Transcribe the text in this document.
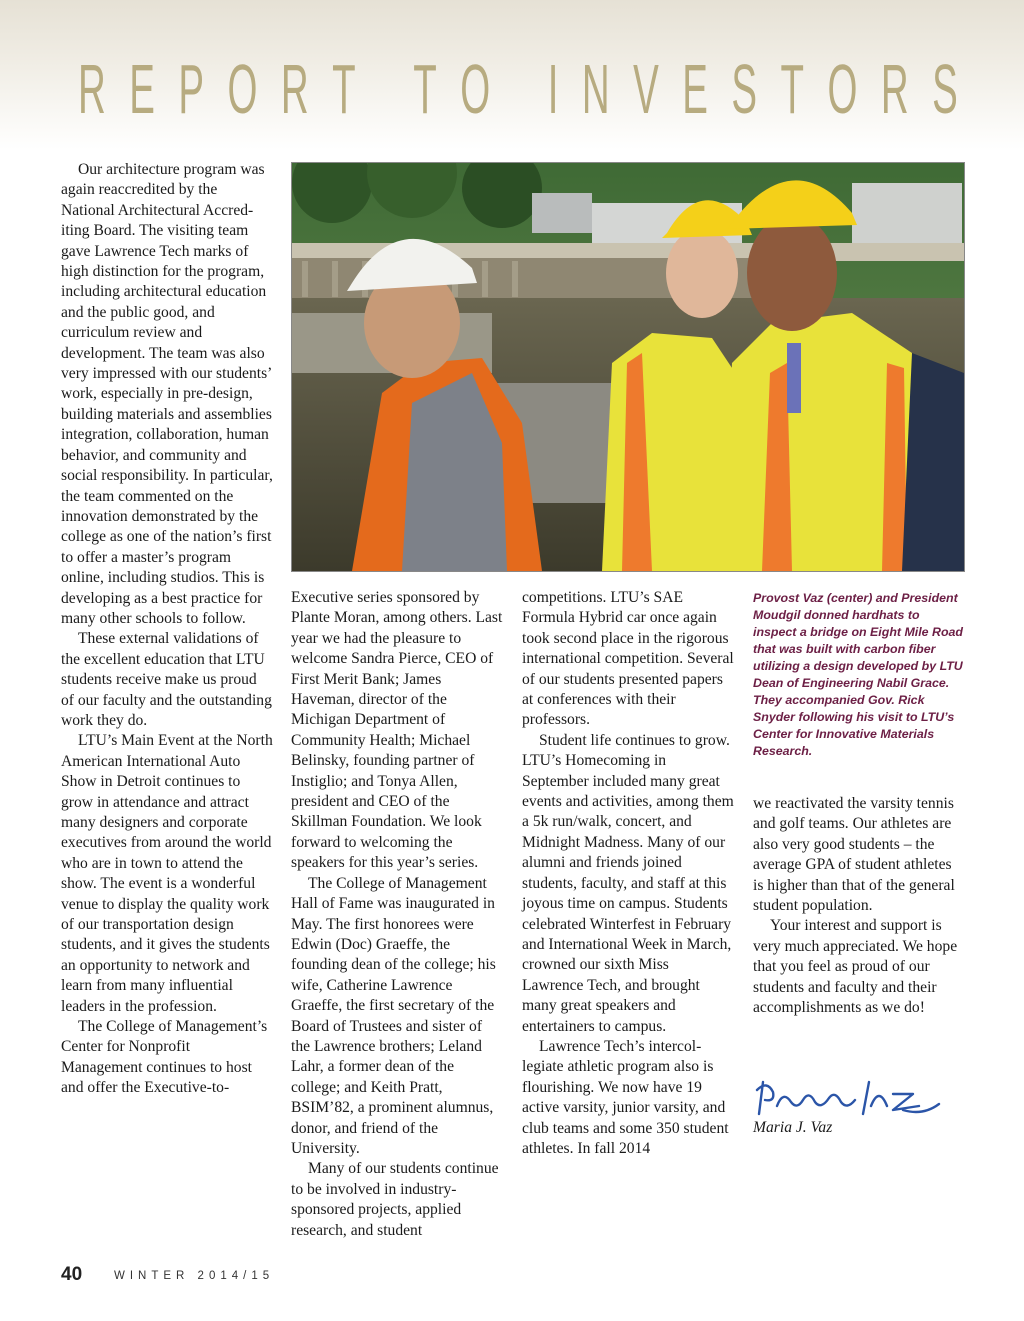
R E P O R T
T O
I N V E S T O R S

Our architecture program was again reaccredited by the National Architectural Accrediting Board. The visiting team gave Lawrence Tech marks of high distinction for the program, including architectural education and the public good, and curriculum review and development. The team was also very impressed with our students’ work, especially in pre-design, building materials and assemblies integration, collaboration, human behavior, and community and social responsibility. In particular, the team commented on the innovation demonstrated by the college as one of the nation’s first to offer a master’s program online, including studios. This is developing as a best practice for many other schools to follow.

These external validations of the excellent education that LTU students receive make us proud of our faculty and the outstanding work they do.

LTU’s Main Event at the North American International Auto Show in Detroit continues to grow in attendance and attract many designers and corporate executives from around the world who are in town to attend the show. The event is a wonderful venue to display the quality work of our transportation design students, and it gives the students an opportunity to network and learn from many influential leaders in the profession.

The College of Management’s Center for Nonprofit Management continues to host and offer the Executive-to-

Executive series sponsored by Plante Moran, among others. Last year we had the pleasure to welcome Sandra Pierce, CEO of First Merit Bank; James Haveman, director of the Michigan Department of Community Health; Michael Belinsky, founding partner of Instiglio; and Tonya Allen, president and CEO of the Skillman Foundation. We look forward to welcoming the speakers for this year’s series.

The College of Management Hall of Fame was inaugurated in May. The first honorees were Edwin (Doc) Graeffe, the founding dean of the college; his wife, Catherine Lawrence Graeffe, the first secretary of the Board of Trustees and sister of the Lawrence brothers; Leland Lahr, a former dean of the college; and Keith Pratt, BSIM’82, a prominent alumnus, donor, and friend of the University.

Many of our students continue to be involved in industry-sponsored projects, applied research, and student

competitions. LTU’s SAE Formula Hybrid car once again took second place in the rigorous international competition. Several of our students presented papers at conferences with their professors.

Student life continues to grow. LTU’s Homecoming in September included many great events and activities, among them a 5k run/walk, concert, and Midnight Madness. Many of our alumni and friends joined students, faculty, and staff at this joyous time on campus. Students celebrated Winterfest in February and International Week in March, crowned our sixth Miss Lawrence Tech, and brought many great speakers and entertainers to campus.

Lawrence Tech’s intercollegiate athletic program also is flourishing. We now have 19 active varsity, junior varsity, and club teams and some 350 student athletes. In fall 2014

Provost Vaz (center) and President Moudgil donned hardhats to inspect a bridge on Eight Mile Road that was built with carbon fiber utilizing a design developed by LTU Dean of Engineering Nabil Grace. They accompanied Gov. Rick Snyder following his visit to LTU’s Center for Innovative Materials Research.

we reactivated the varsity tennis and golf teams. Our athletes are also very good students – the average GPA of student athletes is higher than that of the general student population.

Your interest and support is very much appreciated. We hope that you feel as proud of our students and faculty and their accomplishments as we do!

Maria J. Vaz
40	WINTER 2014/15
